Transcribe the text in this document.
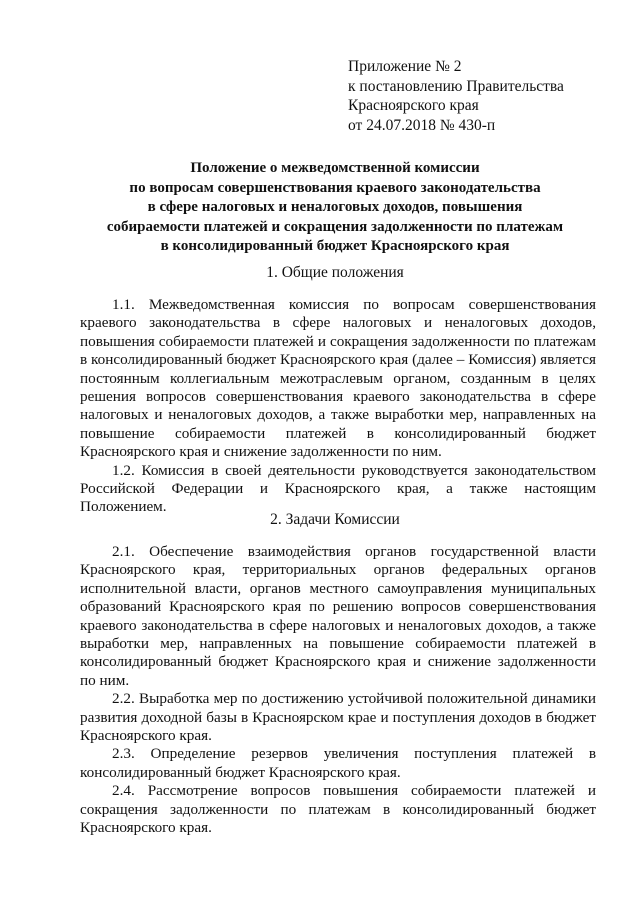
Приложение № 2
к постановлению Правительства
Красноярского края
от 24.07.2018 № 430-п
Положение о межведомственной комиссии
по вопросам совершенствования краевого законодательства
в сфере налоговых и неналоговых доходов, повышения
собираемости платежей и сокращения задолженности по платежам
в консолидированный бюджет Красноярского края
1. Общие положения

1.1. Межведомственная комиссия по вопросам совершенствования краевого законодательства в сфере налоговых и неналоговых доходов, повышения собираемости платежей и сокращения задолженности по платежам в консолидированный бюджет Красноярского края (далее – Комиссия) является постоянным коллегиальным межотраслевым органом, созданным в целях решения вопросов совершенствования краевого законодательства в сфере налоговых и неналоговых доходов, а также выработки мер, направленных на повышение собираемости платежей в консолидированный бюджет Красноярского края и снижение задолженности по ним.

1.2. Комиссия в своей деятельности руководствуется законодательством Российской Федерации и Красноярского края, а также настоящим Положением.

2. Задачи Комиссии

2.1. Обеспечение взаимодействия органов государственной власти Красноярского края, территориальных органов федеральных органов исполнительной власти, органов местного самоуправления муниципальных образований Красноярского края по решению вопросов совершенствования краевого законодательства в сфере налоговых и неналоговых доходов, а также выработки мер, направленных на повышение собираемости платежей в консолидированный бюджет Красноярского края и снижение задолженности по ним.

2.2. Выработка мер по достижению устойчивой положительной динамики развития доходной базы в Красноярском крае и поступления доходов в бюджет Красноярского края.

2.3. Определение резервов увеличения поступления платежей в консолидированный бюджет Красноярского края.

2.4. Рассмотрение вопросов повышения собираемости платежей и сокращения задолженности по платежам в консолидированный бюджет Красноярского края.
